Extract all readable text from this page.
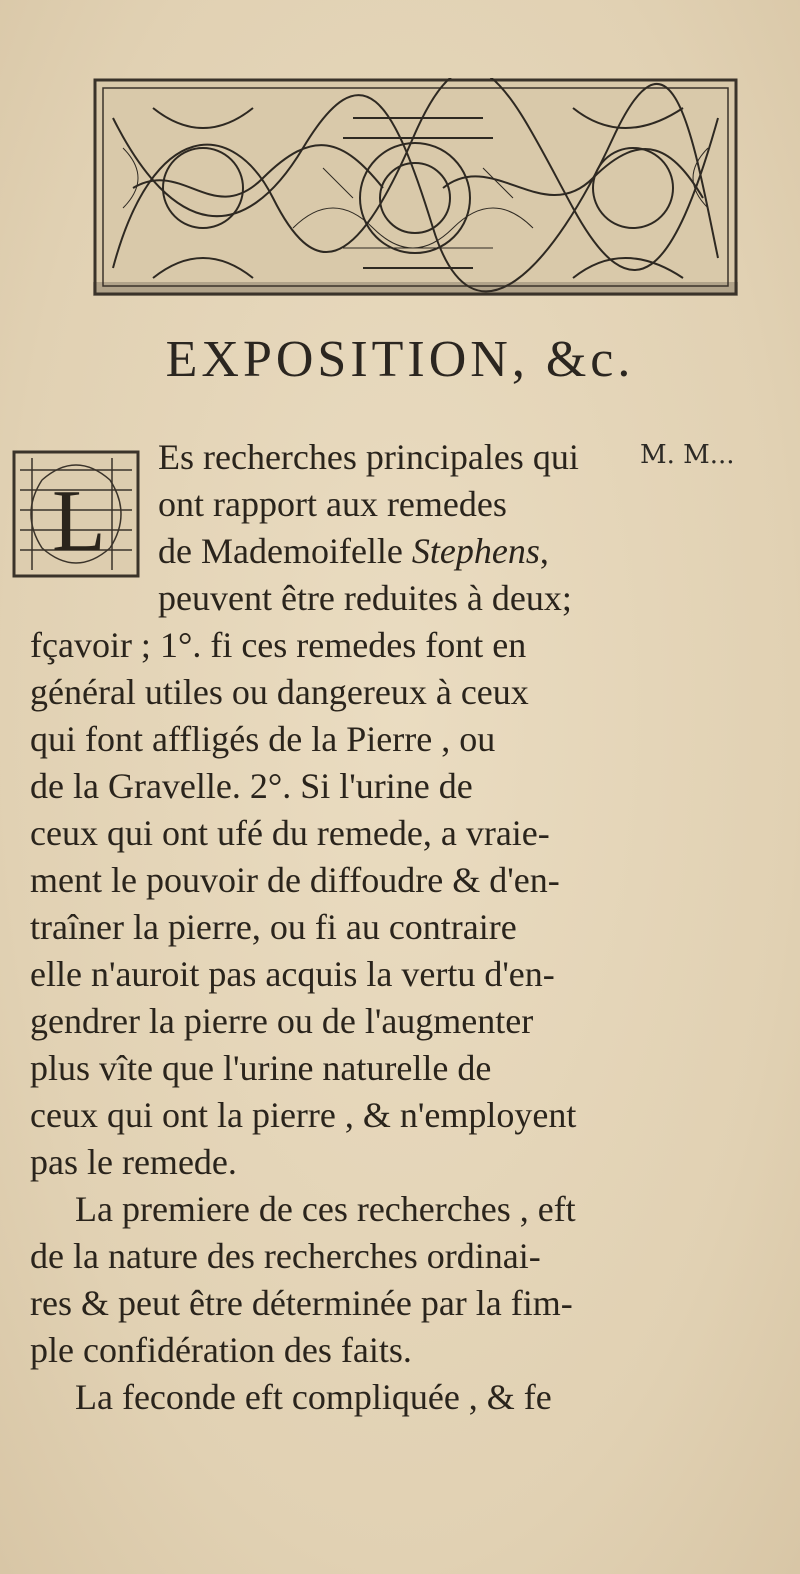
EXPOSITION, &c.
L
M. M...
Es recherches principales qui
ont rapport aux remedes
de Mademoifelle Stephens,
peuvent être reduites à deux;
fçavoir ; 1°. fi ces remedes font en
général utiles ou dangereux à ceux
qui font affligés de la Pierre , ou
de la Gravelle. 2°. Si l'urine de
ceux qui ont ufé du remede, a vraie-
ment le pouvoir de diffoudre & d'en-
traîner la pierre, ou fi au contraire
elle n'auroit pas acquis la vertu d'en-
gendrer la pierre ou de l'augmenter
plus vîte que l'urine naturelle de
ceux qui ont la pierre , & n'employent
pas le remede.
La premiere de ces recherches , eft
de la nature des recherches ordinai-
res & peut être déterminée par la fim-
ple confidération des faits.
La feconde eft compliquée , & fe
